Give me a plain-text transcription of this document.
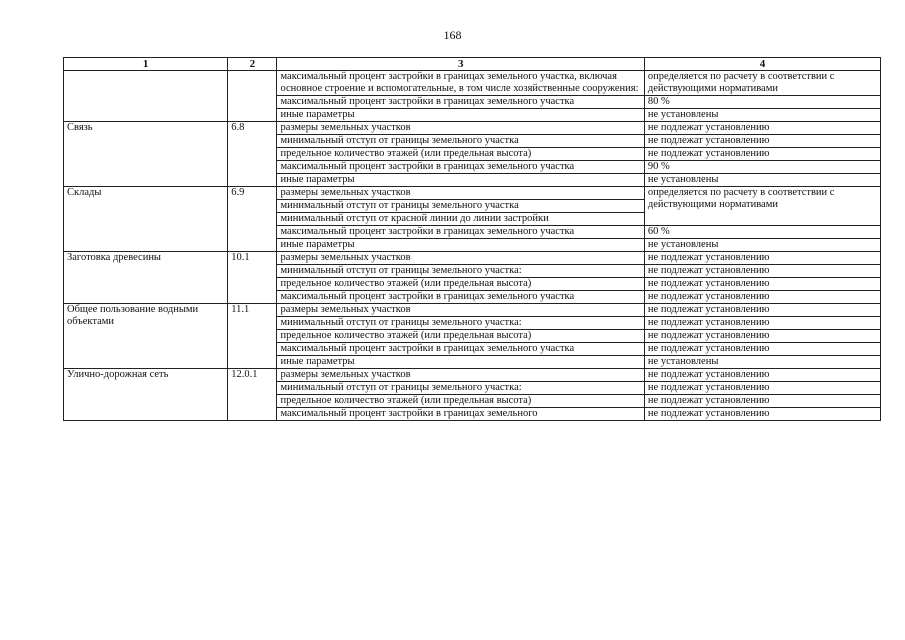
168
1	2	3	4
		максимальный процент застройки в границах земельного участка, включая основное строение и вспомогательные, в том числе хозяйственные сооружения:	определяется по расчету в соответствии с действующими нормативами
		максимальный процент застройки в границах земельного участка	80 %
		иные параметры	не установлены
Связь	6.8	размеры земельных участков	не подлежат установлению
		минимальный отступ от границы земельного участка	не подлежат установлению
		предельное количество этажей (или предельная высота)	не подлежат установлению
		максимальный процент застройки в границах земельного участка	90 %
		иные параметры	не установлены
Склады	6.9	размеры земельных участков	определяется по расчету в соответствии с действующими нормативами
		минимальный отступ от границы земельного участка	
		минимальный отступ от красной линии до линии застройки	
		максимальный процент застройки в границах земельного участка	60 %
		иные параметры	не установлены
Заготовка древесины	10.1	размеры земельных участков	не подлежат установлению
		минимальный отступ от границы земельного участка:	не подлежат установлению
		предельное количество этажей (или предельная высота)	не подлежат установлению
		максимальный процент застройки в границах земельного участка	не подлежат установлению
Общее пользование водными объектами	11.1	размеры земельных участков	не подлежат установлению
		минимальный отступ от границы земельного участка:	не подлежат установлению
		предельное количество этажей (или предельная высота)	не подлежат установлению
		максимальный процент застройки в границах земельного участка	не подлежат установлению
		иные параметры	не установлены
Улично-дорожная сеть	12.0.1	размеры земельных участков	не подлежат установлению
		минимальный отступ от границы земельного участка:	не подлежат установлению
		предельное количество этажей (или предельная высота)	не подлежат установлению
		максимальный процент застройки в границах земельного	не подлежат установлению
